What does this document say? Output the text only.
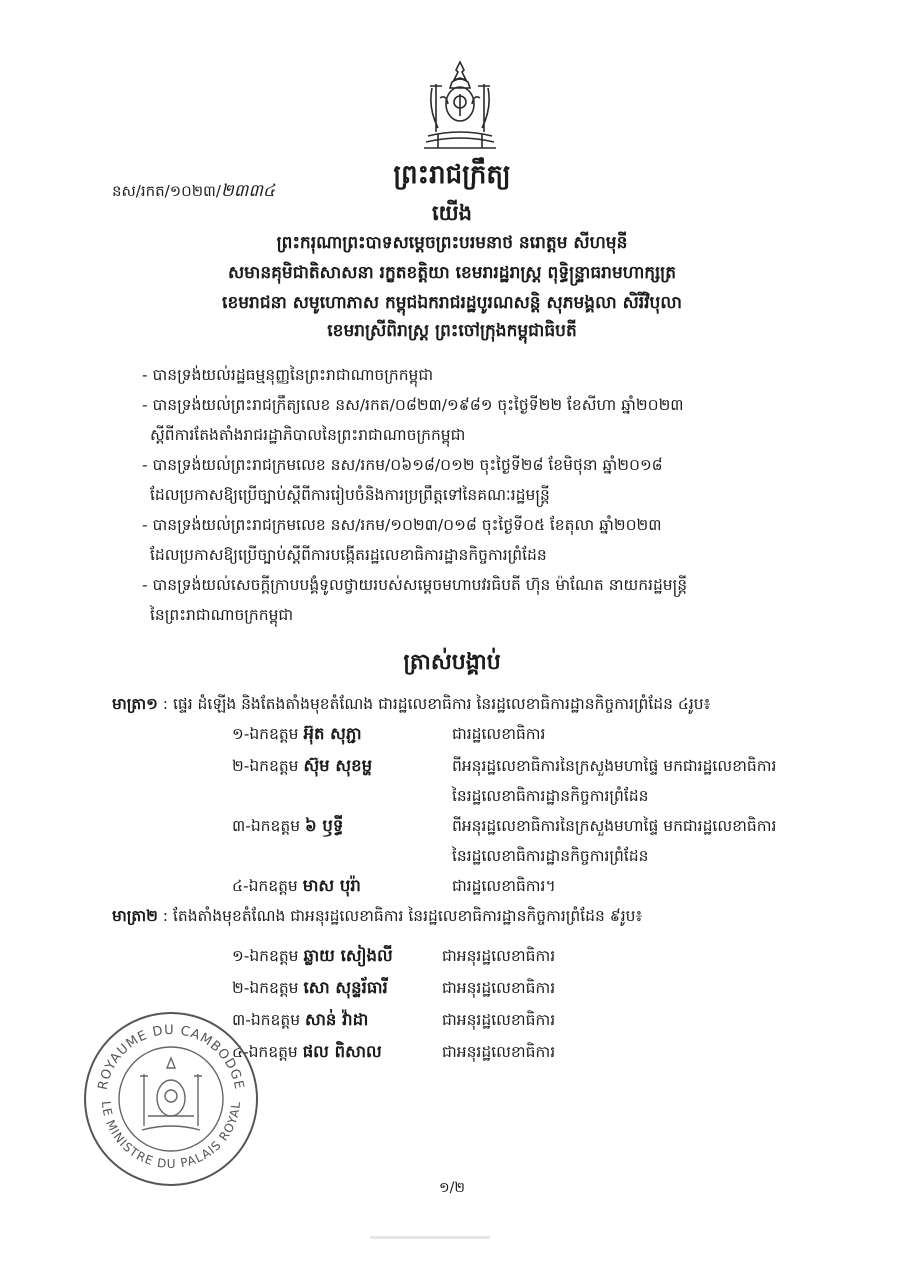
នស/រកត/១០២៣/២៣៣៤
ព្រះរាជក្រឹត្យ
យើង
ព្រះករុណាព្រះបាទសម្តេចព្រះបរមនាថ នរោត្តម សីហមុនី
សមានគុមិជាតិសាសនា រក្ខតខត្តិយា ខេមរារដ្ឋរាស្ត្រ ពុទ្ធិន្ទ្រាធរាមហាក្សត្រ
ខេមរាជនា សមូហោភាស កម្ពុជឯករាជរដ្ឋបូរណសន្តិ សុភមង្គលា សិរីវិបុលា
ខេមរាស្រីពិរាស្ត្រ ព្រះចៅក្រុងកម្ពុជាធិបតី
- បានទ្រង់យល់រដ្ឋធម្មនុញ្ញនៃព្រះរាជាណាចក្រកម្ពុជា
- បានទ្រង់យល់ព្រះរាជក្រឹត្យលេខ នស/រកត/០៨២៣/១៩៨១ ចុះថ្ងៃទី២២ ខែសីហា ឆ្នាំ២០២៣
ស្តីពីការតែងតាំងរាជរដ្ឋាភិបាលនៃព្រះរាជាណាចក្រកម្ពុជា
- បានទ្រង់យល់ព្រះរាជក្រមលេខ នស/រកម/០៦១៨/០១២ ចុះថ្ងៃទី២៨ ខែមិថុនា ឆ្នាំ២០១៨
ដែលប្រកាសឱ្យប្រើច្បាប់ស្តីពីការរៀបចំនិងការប្រព្រឹត្តទៅនៃគណៈរដ្ឋមន្ត្រី
- បានទ្រង់យល់ព្រះរាជក្រមលេខ នស/រកម/១០២៣/០១៨ ចុះថ្ងៃទី០៥ ខែតុលា ឆ្នាំ២០២៣
ដែលប្រកាសឱ្យប្រើច្បាប់ស្តីពីការបង្កើតរដ្ឋលេខាធិការដ្ឋានកិច្ចការព្រំដែន
- បានទ្រង់យល់សេចក្តីក្រាបបង្គំទូលថ្វាយរបស់សម្តេចមហាបវរធិបតី ហ៊ុន ម៉ាណែត នាយករដ្ឋមន្ត្រី
នៃព្រះរាជាណាចក្រកម្ពុជា
ត្រាស់បង្គាប់
មាត្រា១ : ផ្ទេរ ដំឡើង និងតែងតាំងមុខតំណែង ជារដ្ឋលេខាធិការ នៃរដ្ឋលេខាធិការដ្ឋានកិច្ចការព្រំដែន ៤រូប៖
១-ឯកឧត្តម អ៊ុត សុភ្ជា	ជារដ្ឋលេខាធិការ
២-ឯកឧត្តម ស៊ុម សុខម្ហ	ពីអនុរដ្ឋលេខាធិការនៃក្រសួងមហាផ្ទៃ មកជារដ្ឋលេខាធិការ
នៃរដ្ឋលេខាធិការដ្ឋានកិច្ចការព្រំដែន
៣-ឯកឧត្តម ៦ ឫទ្ធី	ពីអនុរដ្ឋលេខាធិការនៃក្រសួងមហាផ្ទៃ មកជារដ្ឋលេខាធិការ
នៃរដ្ឋលេខាធិការដ្ឋានកិច្ចការព្រំដែន
៤-ឯកឧត្តម មាស បុរ៉ា	ជារដ្ឋលេខាធិការ។
មាត្រា២ : តែងតាំងមុខតំណែង ជាអនុរដ្ឋលេខាធិការ នៃរដ្ឋលេខាធិការដ្ឋានកិច្ចការព្រំដែន ៩រូប៖
១-ឯកឧត្តម ឆ្លាយ សៀងលី	ជាអនុរដ្ឋលេខាធិការ
២-ឯកឧត្តម សោ សុន្ទរ័ធារី	ជាអនុរដ្ឋលេខាធិការ
៣-ឯកឧត្តម សាន់ វ៉ាដា	ជាអនុរដ្ឋលេខាធិការ
៤-ឯកឧត្តម ផល ពិសាល	ជាអនុរដ្ឋលេខាធិការ
ROYAUME DU CAMBODGE
LE MINISTRE DU PALAIS ROYAL
១/២
